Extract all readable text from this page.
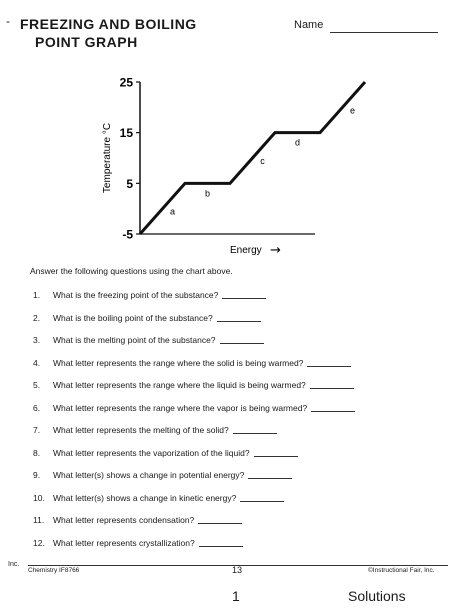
- FREEZING AND BOILING
POINT GRAPH
Name
25
15
5
-5
Temperature °C
Energy →
a
b
c
d
e
Answer the following questions using the chart above.
1. What is the freezing point of the substance?
2. What is the boiling point of the substance?
3. What is the melting point of the substance?
4. What letter represents the range where the solid is being warmed?
5. What letter represents the range where the liquid is being warmed?
6. What letter represents the range where the vapor is being warmed?
7. What letter represents the melting of the solid?
8. What letter represents the vaporization of the liquid?
9. What letter(s) shows a change in potential energy?
10. What letter(s) shows a change in kinetic energy?
11. What letter represents condensation?
12. What letter represents crystallization?
Inc.
Chemistry IF8766	13	©Instructional Fair, Inc.
1	Solutions
